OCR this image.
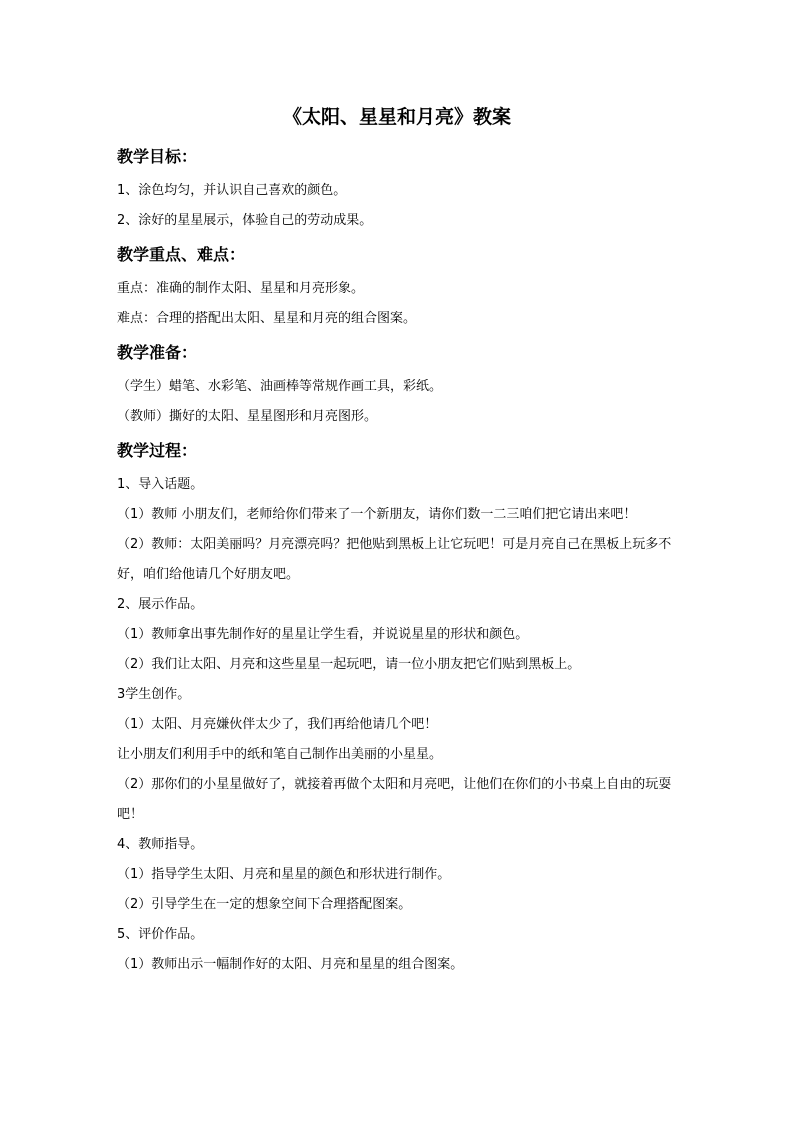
《太阳、星星和月亮》教案
教学目标：

1、涂色均匀，并认识自己喜欢的颜色。

2、涂好的星星展示，体验自己的劳动成果。

教学重点、难点：

重点：准确的制作太阳、星星和月亮形象。

难点：合理的搭配出太阳、星星和月亮的组合图案。

教学准备：

（学生）蜡笔、水彩笔、油画棒等常规作画工具，彩纸。

（教师）撕好的太阳、星星图形和月亮图形。

教学过程：

1、导入话题。

（1）教师 小朋友们，老师给你们带来了一个新朋友，请你们数一二三咱们把它请出来吧！

（2）教师：太阳美丽吗？月亮漂亮吗？把他贴到黑板上让它玩吧！可是月亮自己在黑板上玩多不好，咱们给他请几个好朋友吧。

2、展示作品。

（1）教师拿出事先制作好的星星让学生看，并说说星星的形状和颜色。

（2）我们让太阳、月亮和这些星星一起玩吧，请一位小朋友把它们贴到黑板上。

3学生创作。

（1）太阳、月亮嫌伙伴太少了，我们再给他请几个吧！

让小朋友们利用手中的纸和笔自己制作出美丽的小星星。

（2）那你们的小星星做好了，就接着再做个太阳和月亮吧，让他们在你们的小书桌上自由的玩耍吧！

4、教师指导。

（1）指导学生太阳、月亮和星星的颜色和形状进行制作。

（2）引导学生在一定的想象空间下合理搭配图案。

5、评价作品。

（1）教师出示一幅制作好的太阳、月亮和星星的组合图案。
